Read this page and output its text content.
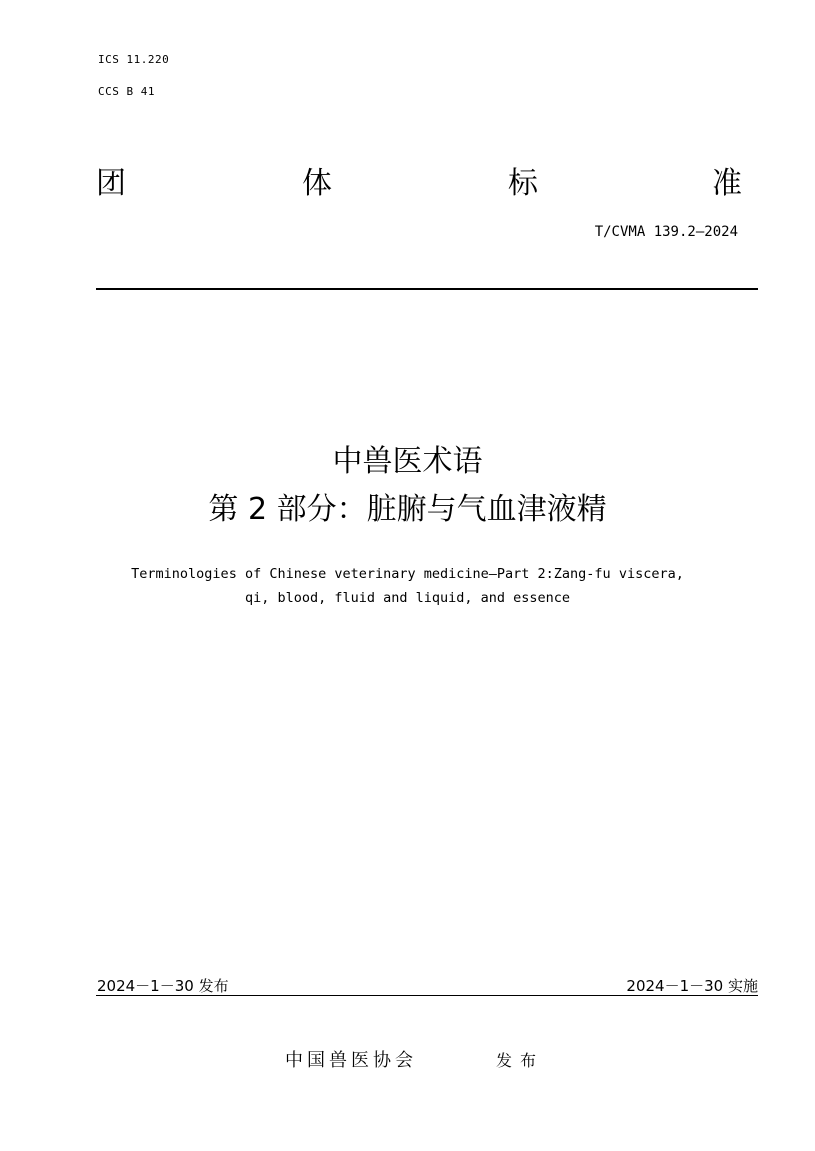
ICS 11.220
CCS B 41
团	体	标	准
T/CVMA 139.2—2024
中兽医术语
第 2 部分：脏腑与气血津液精
Terminologies of Chinese veterinary medicine—Part 2:Zang-fu viscera,
qi, blood, fluid and liquid, and essence
2024－1－30 发布	2024－1－30 实施
中国兽医协会	发布
